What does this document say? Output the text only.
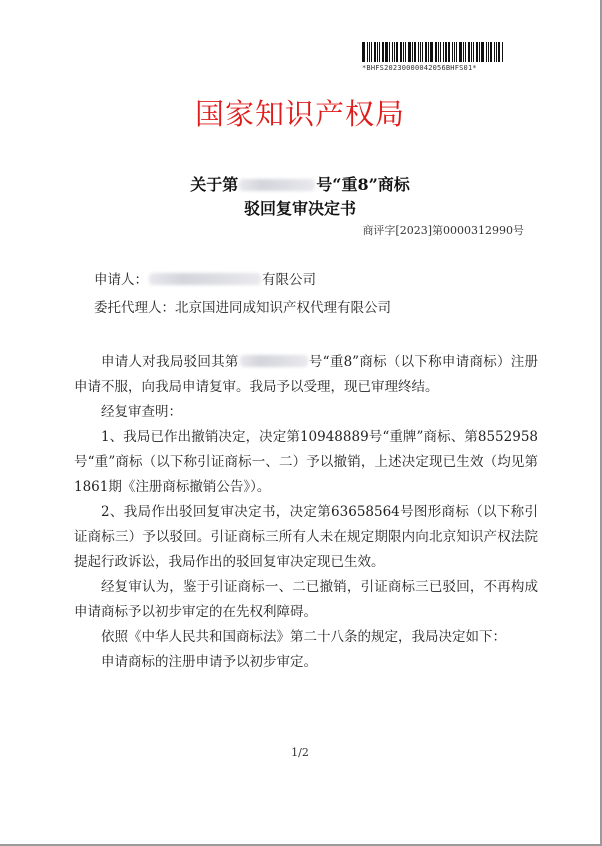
*BHFS20230000042056BHFS01*
国家知识产权局
关于第	号“重8”商标
驳回复审决定书
商评字[2023]第0000312990号
申请人：	有限公司
委托代理人：北京国进同成知识产权代理有限公司

申请人对我局驳回其第	号“重8”商标（以下称申请商标）注册申请不服，向我局申请复审。我局予以受理，现已审理终结。

经复审查明：

1、我局已作出撤销决定，决定第10948889号“重牌”商标、第8552958号“重”商标（以下称引证商标一、二）予以撤销，上述决定现已生效（均见第1861期《注册商标撤销公告》）。

2、我局作出驳回复审决定书，决定第63658564号图形商标（以下称引证商标三）予以驳回。引证商标三所有人未在规定期限内向北京知识产权法院提起行政诉讼，我局作出的驳回复审决定现已生效。

经复审认为，鉴于引证商标一、二已撤销，引证商标三已驳回，不再构成申请商标予以初步审定的在先权利障碍。

依照《中华人民共和国商标法》第二十八条的规定，我局决定如下：

申请商标的注册申请予以初步审定。

1/2
